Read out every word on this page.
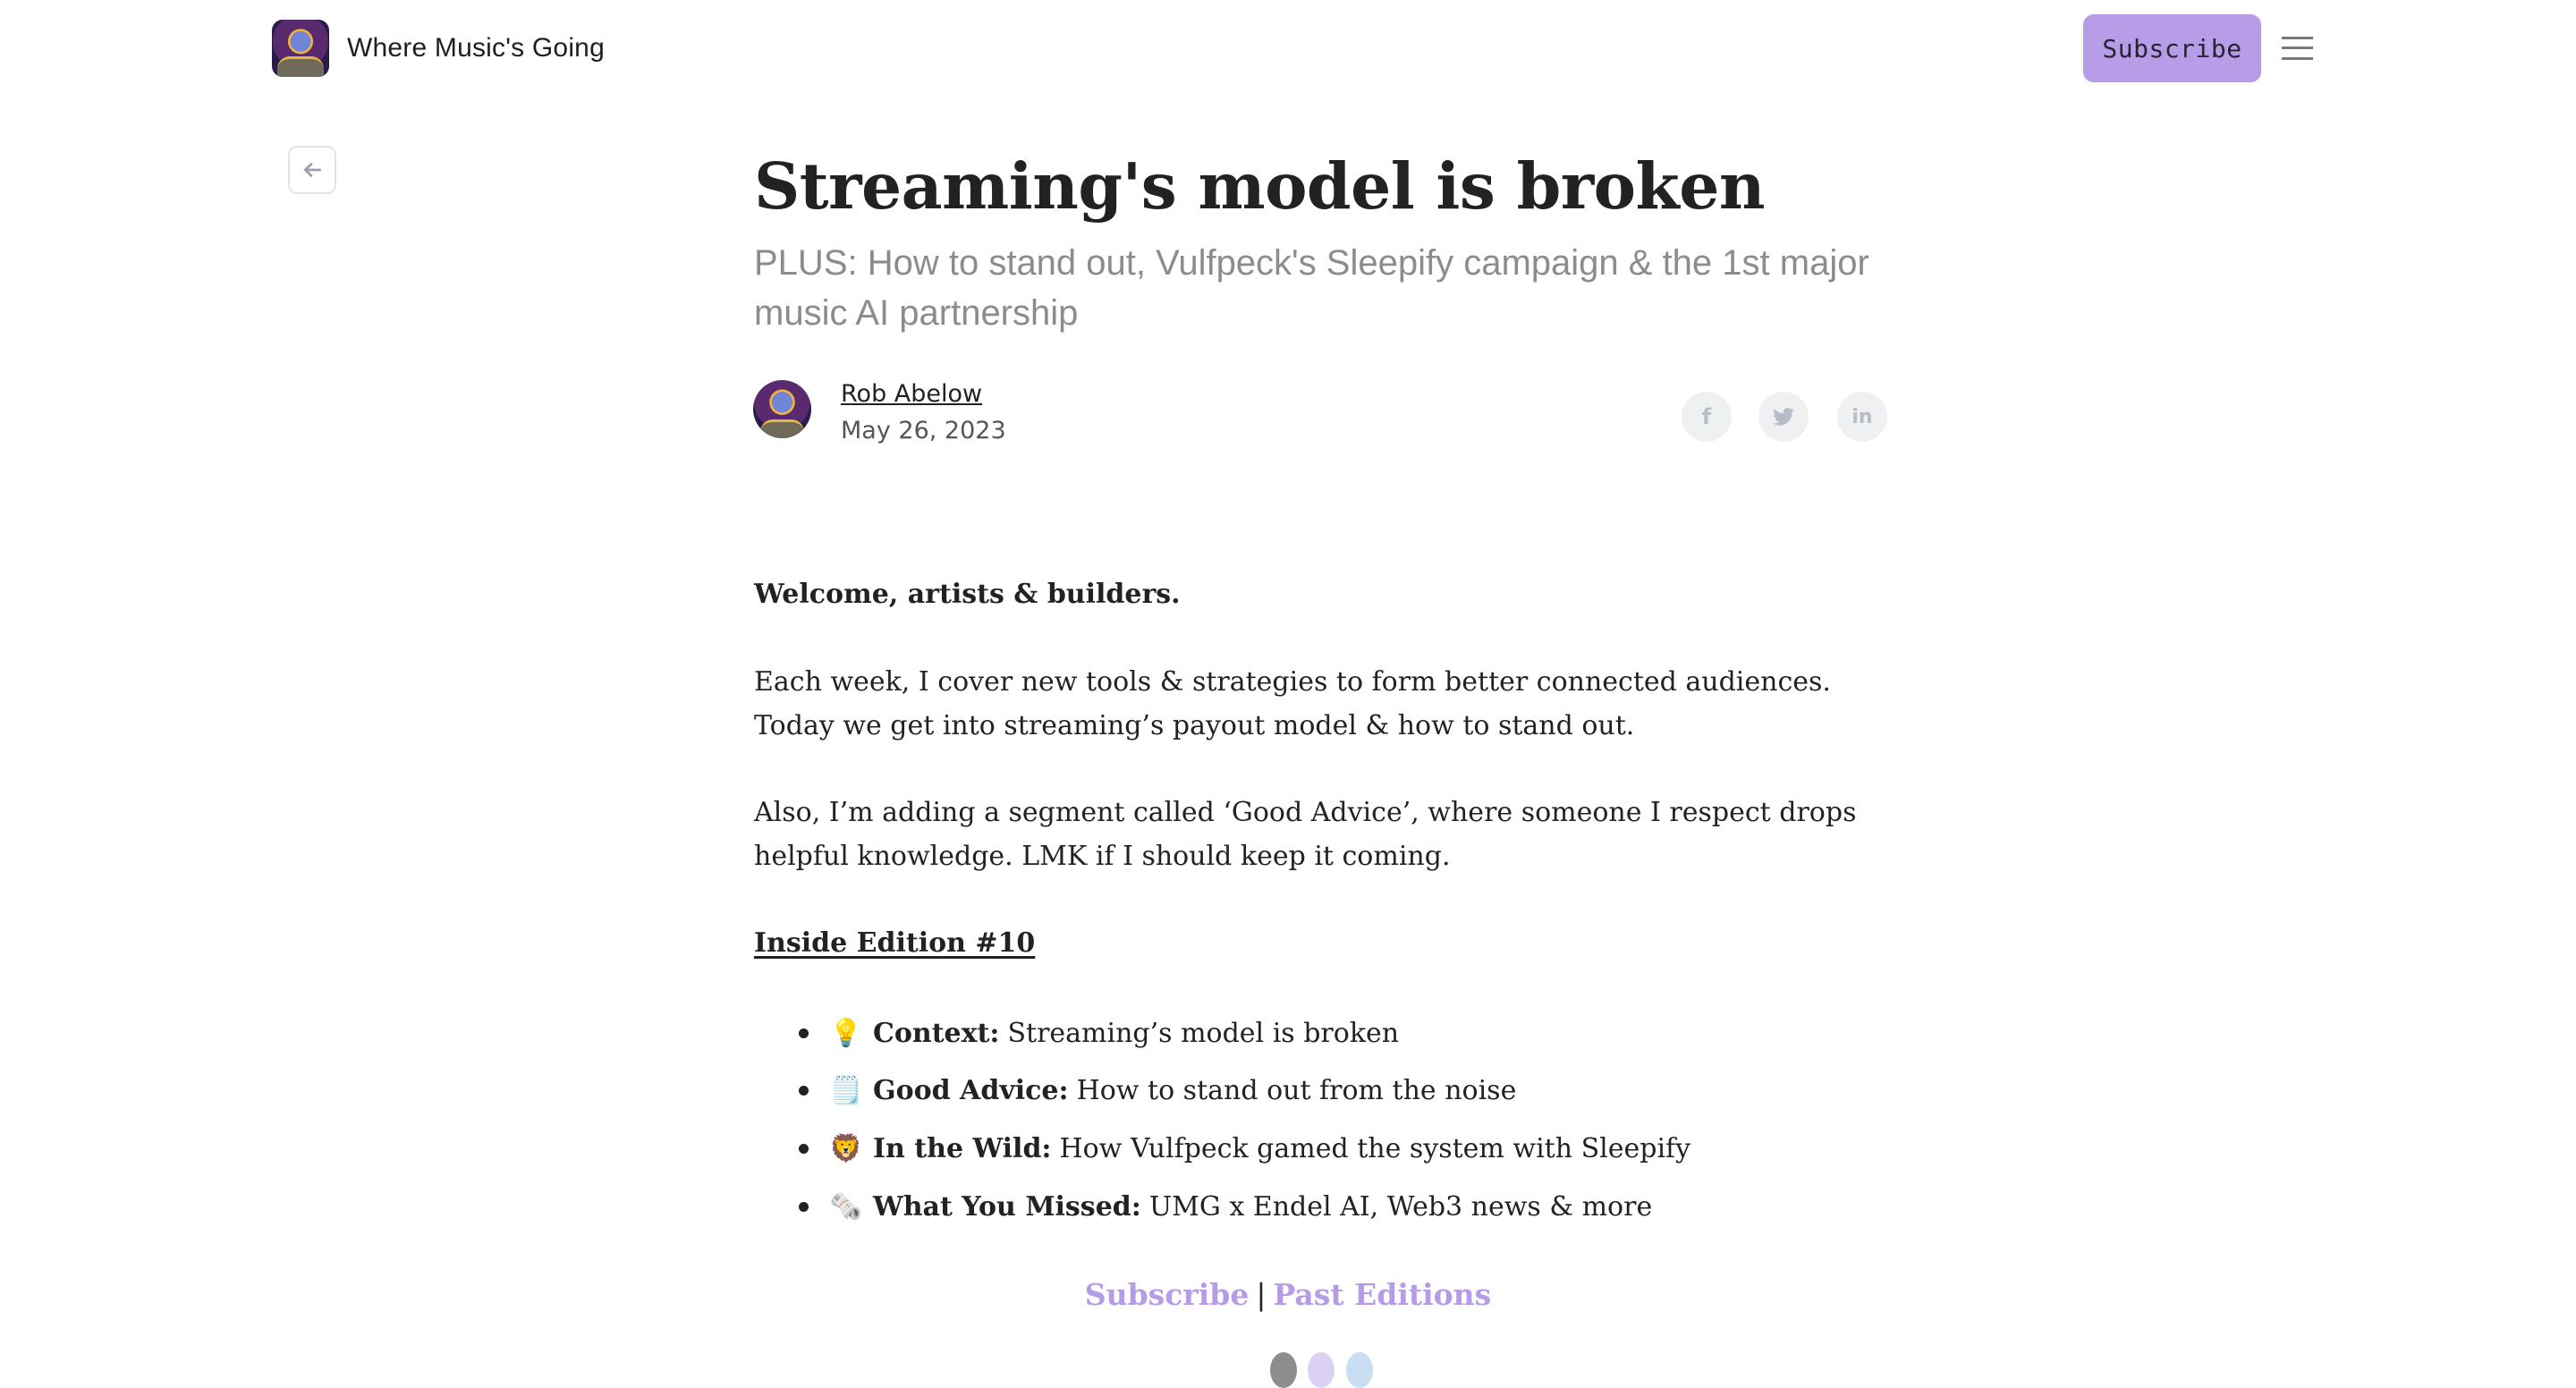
Where Music's Going	Subscribe
Streaming's model is broken
PLUS: How to stand out, Vulfpeck's Sleepify campaign & the 1st major music AI partnership
Rob Abelow
May 26, 2023	f	in

Welcome, artists & builders.

Each week, I cover new tools & strategies to form better connected audiences. Today we get into streaming’s payout model & how to stand out.

Also, I’m adding a segment called ‘Good Advice’, where someone I respect drops helpful knowledge. LMK if I should keep it coming.

Inside Edition #10

💡 Context: Streaming’s model is broken
🗒️ Good Advice: How to stand out from the noise
🦁 In the Wild: How Vulfpeck gamed the system with Sleepify
🗞️ What You Missed: UMG x Endel AI, Web3 news & more
Subscribe | Past Editions
